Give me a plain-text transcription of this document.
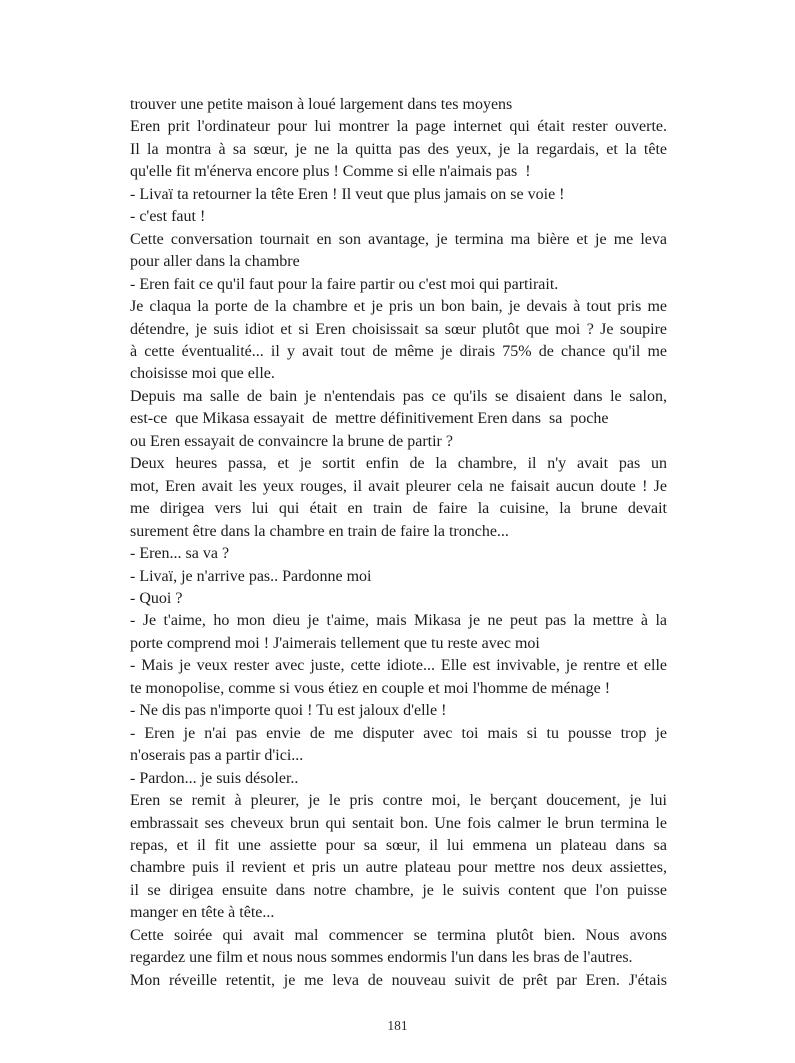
trouver une petite maison à loué largement dans tes moyens
Eren prit l'ordinateur pour lui montrer la page internet qui était rester ouverte.
Il la montra à sa sœur, je ne la quitta pas des yeux, je la regardais, et la tête
qu'elle fit m'énerva encore plus ! Comme si elle n'aimais pas  !
- Livaï ta retourner la tête Eren ! Il veut que plus jamais on se voie !
- c'est faut !
Cette conversation tournait en son avantage, je termina ma bière et je me leva
pour aller dans la chambre
- Eren fait ce qu'il faut pour la faire partir ou c'est moi qui partirait.
Je claqua la porte de la chambre et je pris un bon bain, je devais à tout pris me
détendre, je suis idiot et si Eren choisissait sa sœur plutôt que moi ? Je soupire
à cette éventualité... il y avait tout de même je dirais 75% de chance qu'il me
choisisse moi que elle.
Depuis ma salle de bain je n'entendais pas ce qu'ils se disaient dans le salon,
est-ce  que Mikasa essayait  de  mettre définitivement Eren dans  sa  poche
ou Eren essayait de convaincre la brune de partir ?
Deux heures passa, et je sortit enfin de la chambre, il n'y avait pas un
mot, Eren avait les yeux rouges, il avait pleurer cela ne faisait aucun doute ! Je
me dirigea vers lui qui était en train de faire la cuisine, la brune devait
surement être dans la chambre en train de faire la tronche...
- Eren... sa va ?
- Livaï, je n'arrive pas.. Pardonne moi
- Quoi ?
- Je t'aime, ho mon dieu je t'aime, mais Mikasa je ne peut pas la mettre à la
porte comprend moi ! J'aimerais tellement que tu reste avec moi
- Mais je veux rester avec juste, cette idiote... Elle est invivable, je rentre et elle
te monopolise, comme si vous étiez en couple et moi l'homme de ménage !
- Ne dis pas n'importe quoi ! Tu est jaloux d'elle !
- Eren je n'ai pas envie de me disputer avec toi mais si tu pousse trop je
n'oserais pas a partir d'ici...
- Pardon... je suis désoler..
Eren se remit à pleurer, je le pris contre moi, le berçant doucement, je lui
embrassait ses cheveux brun qui sentait bon. Une fois calmer le brun termina le
repas, et il fit une assiette pour sa sœur, il lui emmena un plateau dans sa
chambre puis il revient et pris un autre plateau pour mettre nos deux assiettes,
il se dirigea ensuite dans notre chambre, je le suivis content que l'on puisse
manger en tête à tête...
Cette soirée qui avait mal commencer se termina plutôt bien. Nous avons
regardez une film et nous nous sommes endormis l'un dans les bras de l'autres.
Mon réveille retentit, je me leva de nouveau suivit de prêt par Eren. J'étais
181
